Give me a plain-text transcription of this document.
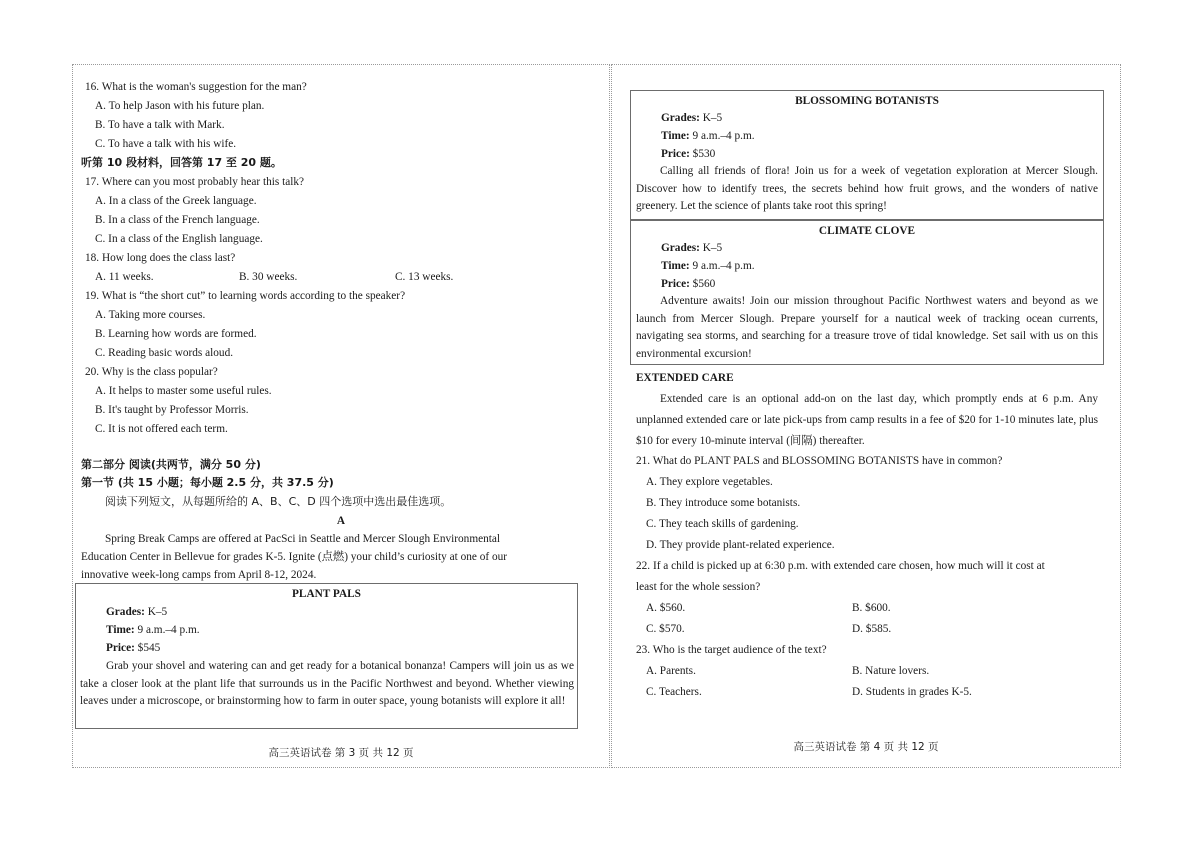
16. What is the woman's suggestion for the man?
A. To help Jason with his future plan.
B. To have a talk with Mark.
C. To have a talk with his wife.
听第 10 段材料，回答第 17 至 20 题。
17. Where can you most probably hear this talk?
A. In a class of the Greek language.
B. In a class of the French language.
C. In a class of the English language.
18. How long does the class last?
A. 11 weeks.	B. 30 weeks.	C. 13 weeks.
19. What is “the short cut” to learning words according to the speaker?
A. Taking more courses.
B. Learning how words are formed.
C. Reading basic words aloud.
20. Why is the class popular?
A. It helps to master some useful rules.
B. It's taught by Professor Morris.
C. It is not offered each term.
第二部分 阅读(共两节，满分 50 分)
第一节 (共 15 小题；每小题 2.5 分，共 37.5 分)
阅读下列短文，从每题所给的 A、B、C、D 四个选项中选出最佳选项。
A
Spring Break Camps are offered at PacSci in Seattle and Mercer Slough Environmental
Education Center in Bellevue for grades K-5. Ignite (点燃) your child’s curiosity at one of our
innovative week-long camps from April 8-12, 2024.
PLANT PALS
Grades: K–5
Time: 9 a.m.–4 p.m.
Price: $545
Grab your shovel and watering can and get ready for a botanical bonanza! Campers will join us as we take a closer look at the plant life that surrounds us in the Pacific Northwest and beyond. Whether viewing leaves under a microscope, or brainstorming how to farm in outer space, young botanists will explore it all!
高三英语试卷 第 3 页 共 12 页
BLOSSOMING BOTANISTS
Grades: K–5
Time: 9 a.m.–4 p.m.
Price: $530
Calling all friends of flora! Join us for a week of vegetation exploration at Mercer Slough. Discover how to identify trees, the secrets behind how fruit grows, and the wonders of native greenery. Let the science of plants take root this spring!
CLIMATE CLOVE
Grades: K–5
Time: 9 a.m.–4 p.m.
Price: $560
Adventure awaits! Join our mission throughout Pacific Northwest waters and beyond as we launch from Mercer Slough. Prepare yourself for a nautical week of tracking ocean currents, navigating sea storms, and searching for a treasure trove of tidal knowledge. Set sail with us on this environmental excursion!
EXTENDED CARE
Extended care is an optional add-on on the last day, which promptly ends at 6 p.m. Any unplanned extended care or late pick-ups from camp results in a fee of $20 for 1-10 minutes late, plus $10 for every 10-minute interval (间隔) thereafter.
21. What do PLANT PALS and BLOSSOMING BOTANISTS have in common?
A. They explore vegetables.
B. They introduce some botanists.
C. They teach skills of gardening.
D. They provide plant-related experience.
22. If a child is picked up at 6:30 p.m. with extended care chosen, how much will it cost at
least for the whole session?
A. $560.	B. $600.
C. $570.	D. $585.
23. Who is the target audience of the text?
A. Parents.	B. Nature lovers.
C. Teachers.	D. Students in grades K-5.
高三英语试卷 第 4 页 共 12 页
